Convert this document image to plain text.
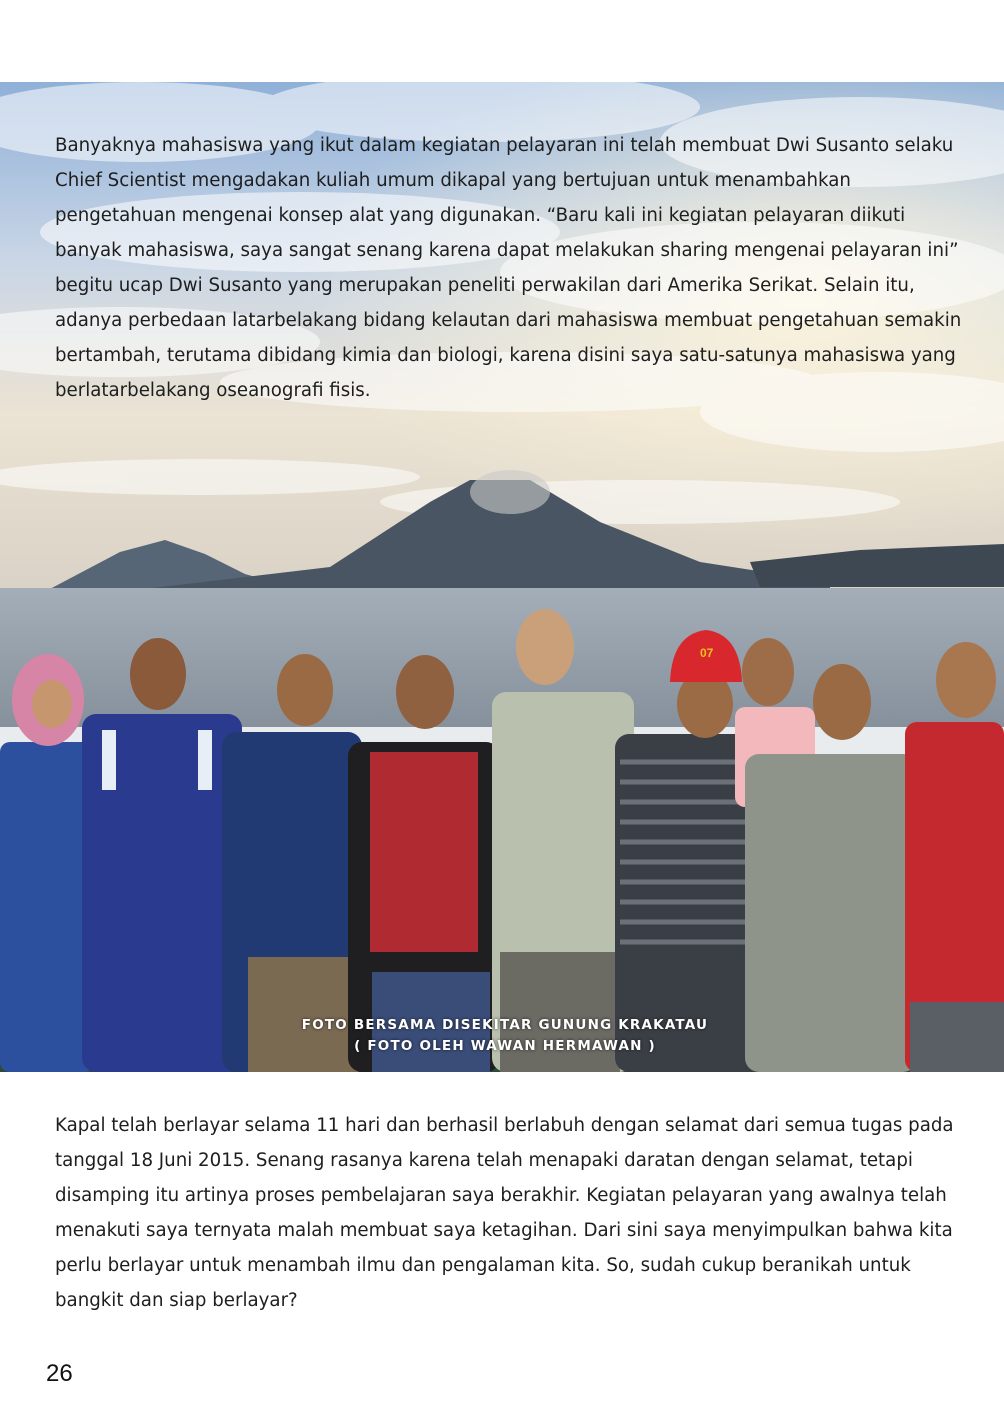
07
FOTO BERSAMA DISEKITAR GUNUNG KRAKATAU
( FOTO OLEH WAWAN HERMAWAN )
Banyaknya mahasiswa yang ikut dalam kegiatan pelayaran ini telah membuat Dwi Susanto selaku Chief Scientist mengadakan kuliah umum dikapal yang bertujuan untuk menambahkan pengetahuan mengenai konsep alat yang digunakan. “Baru kali ini kegiatan pelayaran diikuti banyak mahasiswa, saya sangat senang karena dapat melakukan sharing mengenai pelayaran ini” begitu ucap Dwi Susanto yang merupakan peneliti perwakilan dari Amerika Serikat. Selain itu, adanya perbedaan latarbelakang bidang kelautan dari mahasiswa membuat pengetahuan semakin bertambah, terutama dibidang kimia dan biologi, karena disini saya satu-satunya mahasiswa yang berlatarbelakang oseanografi fisis.
Kapal telah berlayar selama 11 hari dan berhasil berlabuh dengan selamat dari semua tugas pada tanggal 18 Juni 2015. Senang rasanya karena telah menapaki daratan dengan selamat, tetapi disamping itu artinya proses pembelajaran saya berakhir. Kegiatan pelayaran yang awalnya telah menakuti saya ternyata malah membuat saya ketagihan. Dari sini saya menyimpulkan bahwa kita perlu berlayar untuk menambah ilmu dan pengalaman kita. So, sudah cukup beranikah untuk bangkit dan siap berlayar?
26
